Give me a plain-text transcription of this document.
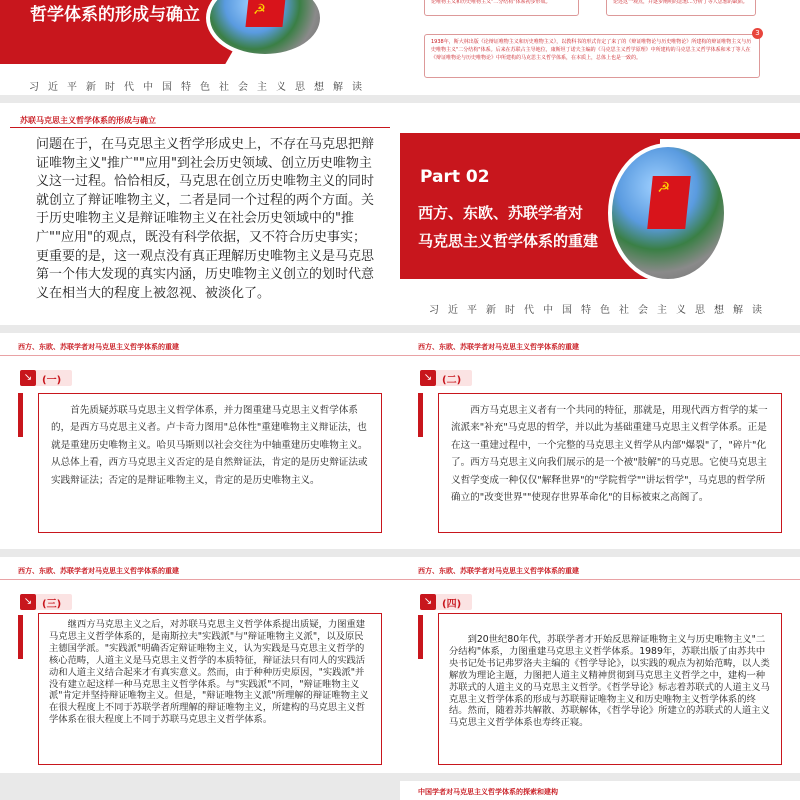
哲学体系的形成与确立
☭
习近平新时代中国特色社会主义思想解读
论唯物主义和历史唯物主义"二分结构"体系初步形成。	论述这一观点，并逐步阐明的思想...分析了等人思想的缺陷。
1938年，斯大林出版《论辩证唯物主义和历史唯物主义》，以教科书的形式肯定了来了的《辩证唯物论与历史唯物论》所建构的辩证唯物主义与历史唯物主义"二分结构"体系。后来在苏联占主导地位，康斯坦丁诺夫主编的《马克思主义哲学原理》中所建构的马克思主义哲学体系和米丁等人在《辩证唯物论与历史唯物论》中所建构的马克思主义哲学体系，在本质上，总体上也是一致的。
3
苏联马克思主义哲学体系的形成与确立
问题在于，在马克思主义哲学形成史上，不存在马克思把辩证唯物主义"推广""应用"到社会历史领域、创立历史唯物主义这一过程。恰恰相反，马克思在创立历史唯物主义的同时就创立了辩证唯物主义，二者是同一个过程的两个方面。关于历史唯物主义是辩证唯物主义在社会历史领域中的"推广""应用"的观点，既没有科学依据，又不符合历史事实；更重要的是，这一观点没有真正理解历史唯物主义是马克思第一个伟大发现的真实内涵，历史唯物主义创立的划时代意义在相当大的程度上被忽视、被淡化了。
Part 02
西方、东欧、苏联学者对
马克思主义哲学体系的重建
☭
习近平新时代中国特色社会主义思想解读
西方、东欧、苏联学者对马克思主义哲学体系的重建
↘ (一)

首先质疑苏联马克思主义哲学体系，并力图重建马克思主义哲学体系的，是西方马克思主义者。卢卡奇力图用"总体性"重建唯物主义辩证法，也就是重建历史唯物主义。哈贝马斯则以社会交往为中轴重建历史唯物主义。从总体上看，西方马克思主义否定的是自然辩证法，肯定的是历史辩证法或实践辩证法；否定的是辩证唯物主义，肯定的是历史唯物主义。

西方、东欧、苏联学者对马克思主义哲学体系的重建
↘ (二)

西方马克思主义者有一个共同的特征，那就是，用现代西方哲学的某一流派来"补充"马克思的哲学，并以此为基础重建马克思主义哲学体系。正是在这一重建过程中，一个完整的马克思主义哲学从内部"爆裂"了，"碎片"化了。西方马克思主义向我们展示的是一个被"肢解"的马克思。它使马克思主义哲学变成一种仅仅"解释世界"的"学院哲学""讲坛哲学"，马克思的哲学所确立的"改变世界""使现存世界革命化"的目标被束之高阁了。

西方、东欧、苏联学者对马克思主义哲学体系的重建
↘ (三)

继西方马克思主义之后，对苏联马克思主义哲学体系提出质疑，力图重建马克思主义哲学体系的，是南斯拉夫"实践派"与"辩证唯物主义派"，以及原民主德国学派。"实践派"明确否定辩证唯物主义，认为实践是马克思主义哲学的核心范畴，人道主义是马克思主义哲学的本质特征，辩证法只有同人的实践活动和人道主义结合起来才有真实意义。然而，由于种种历史原因，"实践派"并没有建立起这样一种马克思主义哲学体系。与"实践派"不同，"辩证唯物主义派"肯定并坚持辩证唯物主义。但是，"辩证唯物主义派"所理解的辩证唯物主义在很大程度上不同于苏联学者所理解的辩证唯物主义，所建构的马克思主义哲学体系在很大程度上不同于苏联马克思主义哲学体系。

西方、东欧、苏联学者对马克思主义哲学体系的重建
↘ (四)

到20世纪80年代，苏联学者才开始反思辩证唯物主义与历史唯物主义"二分结构"体系，力图重建马克思主义哲学体系。1989年，苏联出版了由苏共中央书记处书记弗罗洛夫主编的《哲学导论》，以实践的观点为初始范畴，以人类解放为理论主题，力图把人道主义精神贯彻到马克思主义哲学之中，建构一种苏联式的人道主义的马克思主义哲学。《哲学导论》标志着苏联式的人道主义马克思主义哲学体系的形成与苏联辩证唯物主义和历史唯物主义哲学体系的终结。然而，随着苏共解散、苏联解体，《哲学导论》所建立的苏联式的人道主义马克思主义哲学体系也寿终正寝。

中国学者对马克思主义哲学体系的探索和建构
